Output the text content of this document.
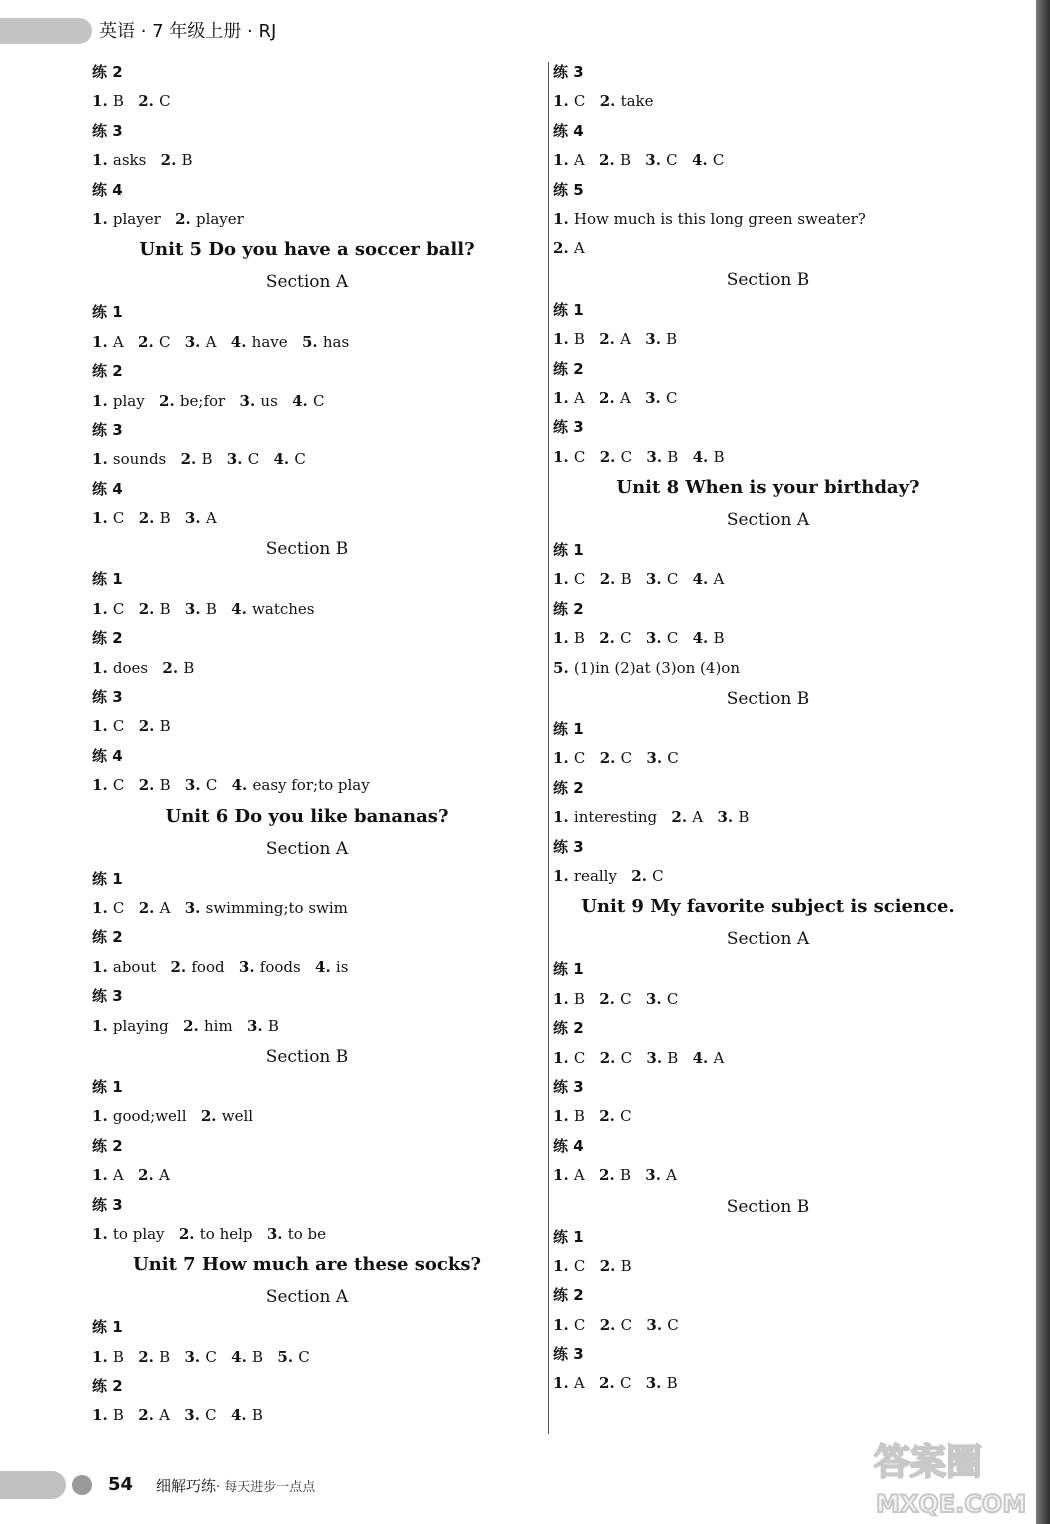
英语 · 7 年级上册 · RJ
练 2
1. B 2. C
练 3
1. asks 2. B
练 4
1. player 2. player
Unit 5 Do you have a soccer ball?
Section A
练 1
1. A 2. C 3. A 4. have 5. has
练 2
1. play 2. be;for 3. us 4. C
练 3
1. sounds 2. B 3. C 4. C
练 4
1. C 2. B 3. A
Section B
练 1
1. C 2. B 3. B 4. watches
练 2
1. does 2. B
练 3
1. C 2. B
练 4
1. C 2. B 3. C 4. easy for;to play
Unit 6 Do you like bananas?
Section A
练 1
1. C 2. A 3. swimming;to swim
练 2
1. about 2. food 3. foods 4. is
练 3
1. playing 2. him 3. B
Section B
练 1
1. good;well 2. well
练 2
1. A 2. A
练 3
1. to play 2. to help 3. to be
Unit 7 How much are these socks?
Section A
练 1
1. B 2. B 3. C 4. B 5. C
练 2
1. B 2. A 3. C 4. B
练 3
1. C 2. take
练 4
1. A 2. B 3. C 4. C
练 5
1. How much is this long green sweater?
2. A
Section B
练 1
1. B 2. A 3. B
练 2
1. A 2. A 3. C
练 3
1. C 2. C 3. B 4. B
Unit 8 When is your birthday?
Section A
练 1
1. C 2. B 3. C 4. A
练 2
1. B 2. C 3. C 4. B
5. (1)in (2)at (3)on (4)on
Section B
练 1
1. C 2. C 3. C
练 2
1. interesting 2. A 3. B
练 3
1. really 2. C
Unit 9 My favorite subject is science.
Section A
练 1
1. B 2. C 3. C
练 2
1. C 2. C 3. B 4. A
练 3
1. B 2. C
练 4
1. A 2. B 3. A
Section B
练 1
1. C 2. B
练 2
1. C 2. C 3. C
练 3
1. A 2. C 3. B
54 细解巧练· 每天进步一点点
答案圈
MXQE.COM
